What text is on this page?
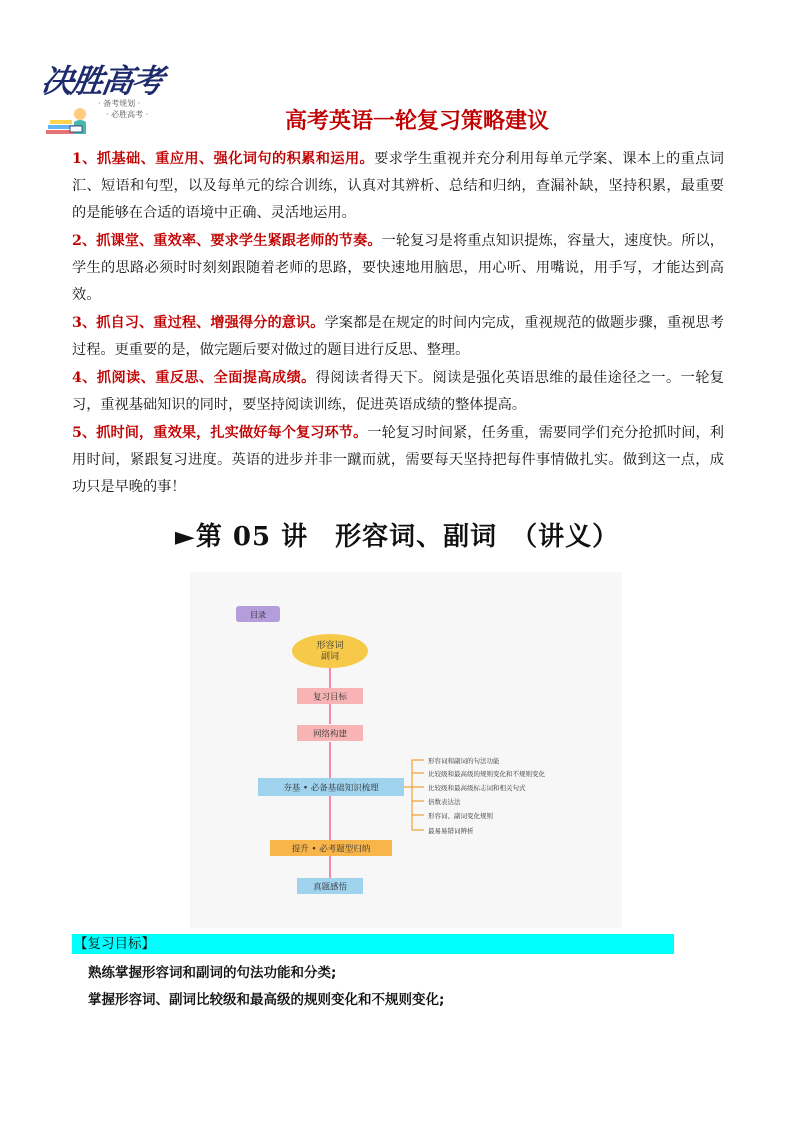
决胜高考
· 备考规划 ·
· 必胜高考 ·	高考英语一轮复习策略建议

1、抓基础、重应用、强化词句的积累和运用。要求学生重视并充分利用每单元学案、课本上的重点词汇、短语和句型，以及每单元的综合训练，认真对其辨析、总结和归纳，查漏补缺，坚持积累，最重要的是能够在合适的语境中正确、灵活地运用。

2、抓课堂、重效率、要求学生紧跟老师的节奏。一轮复习是将重点知识提炼，容量大，速度快。所以，学生的思路必须时时刻刻跟随着老师的思路，要快速地用脑思，用心听、用嘴说，用手写，才能达到高效。

3、抓自习、重过程、增强得分的意识。学案都是在规定的时间内完成，重视规范的做题步骤，重视思考过程。更重要的是，做完题后要对做过的题目进行反思、整理。

4、抓阅读、重反思、全面提高成绩。得阅读者得天下。阅读是强化英语思维的最佳途径之一。一轮复习，重视基础知识的同时，要坚持阅读训练，促进英语成绩的整体提高。

5、抓时间，重效果，扎实做好每个复习环节。一轮复习时间紧，任务重，需要同学们充分抢抓时间，利用时间，紧跟复习进度。英语的进步并非一蹴而就，需要每天坚持把每件事情做扎实。做到这一点，成功只是早晚的事！

►第 05 讲　形容词、副词　（讲义）
目录
形容词
副词
复习目标
网络构建
夯基 • 必备基础知识梳理
提升 • 必考题型归纳
真题感悟
形容词和副词的句法功能
比较级和最高级的规则变化和不规则变化
比较级和最高级标志词和相关句式
倍数表达法
形容词、副词变化规则
最易易错词辨析
【复习目标】
熟练掌握形容词和副词的句法功能和分类;
掌握形容词、副词比较级和最高级的规则变化和不规则变化;
